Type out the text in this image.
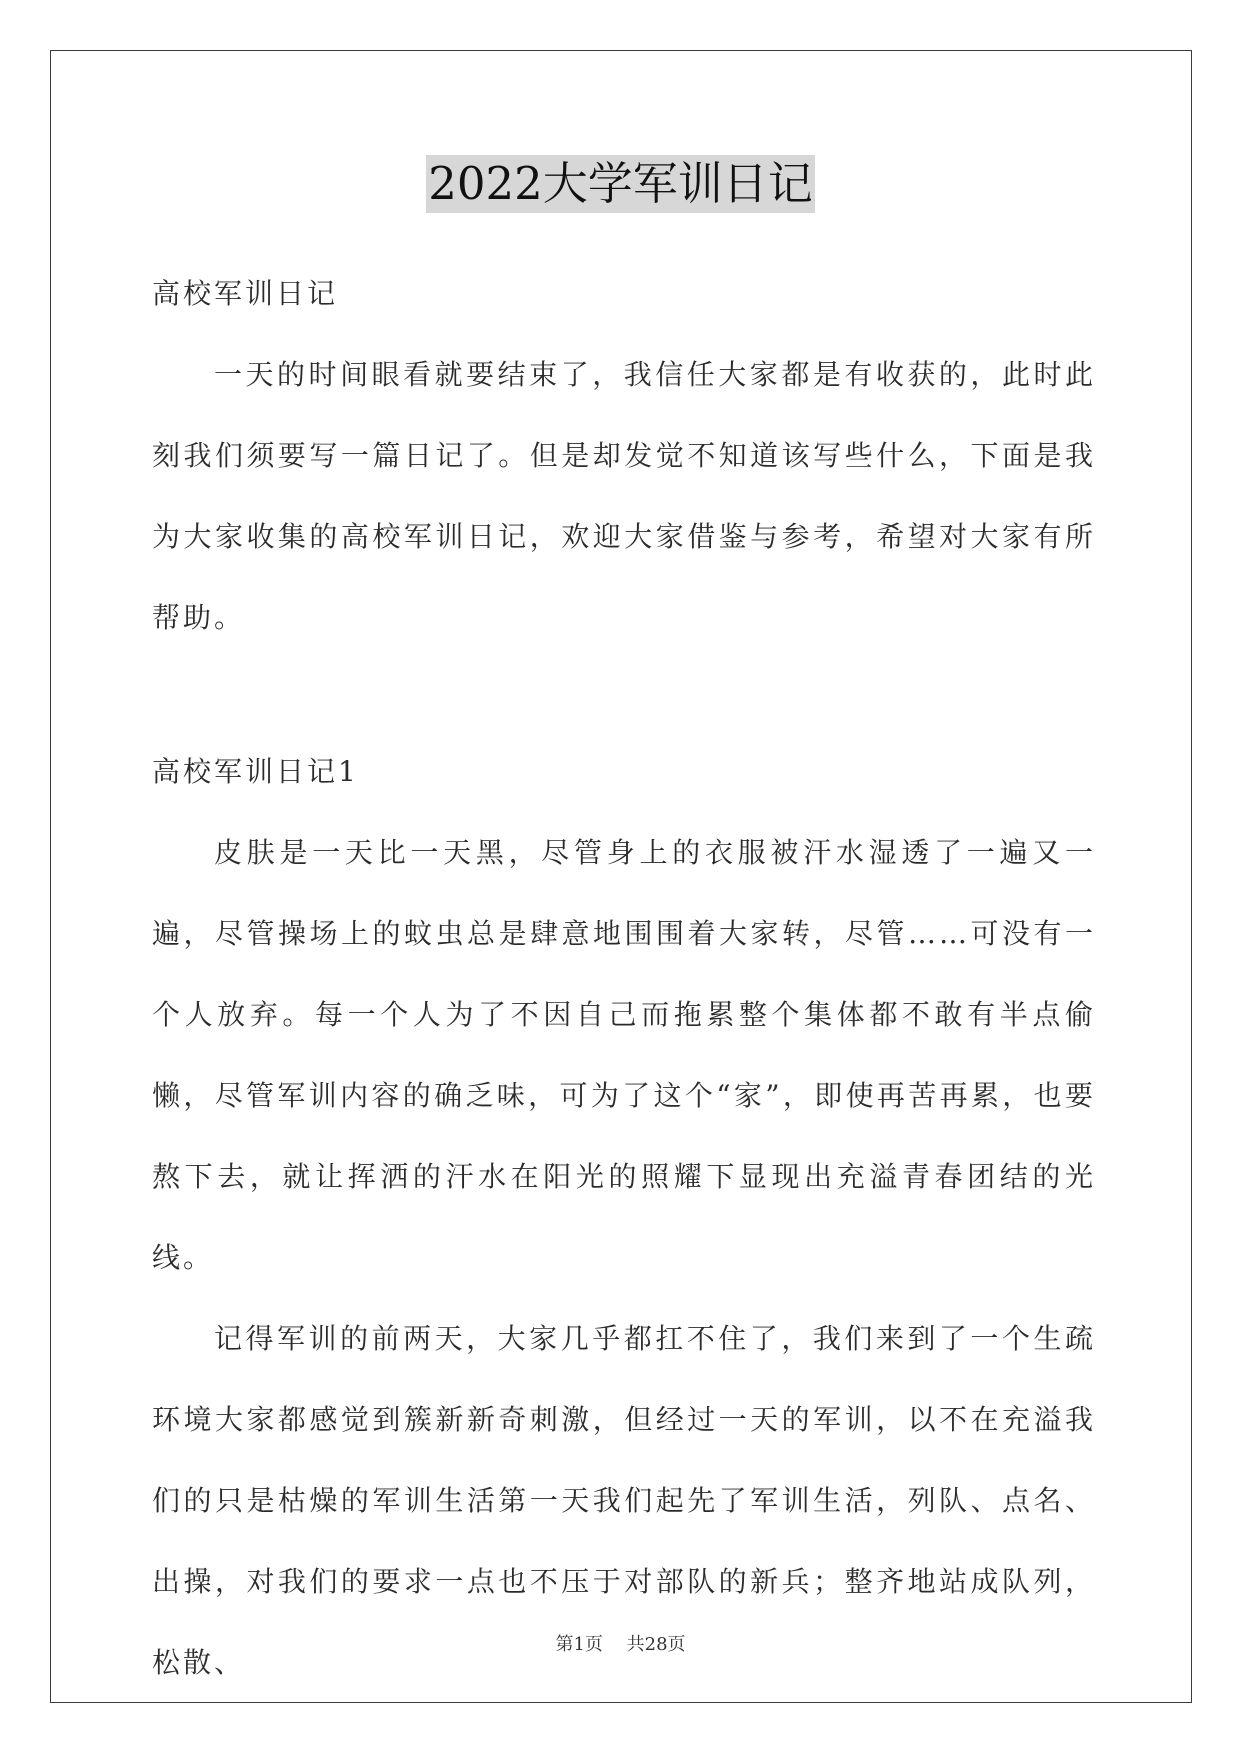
2022大学军训日记

高校军训日记

一天的时间眼看就要结束了，我信任大家都是有收获的，此时此刻我们须要写一篇日记了。但是却发觉不知道该写些什么，下面是我为大家收集的高校军训日记，欢迎大家借鉴与参考，希望对大家有所帮助。

高校军训日记1

皮肤是一天比一天黑，尽管身上的衣服被汗水湿透了一遍又一遍，尽管操场上的蚊虫总是肆意地围围着大家转，尽管……可没有一个人放弃。每一个人为了不因自己而拖累整个集体都不敢有半点偷懒，尽管军训内容的确乏味，可为了这个“家”，即使再苦再累，也要熬下去，就让挥洒的汗水在阳光的照耀下显现出充溢青春团结的光线。

记得军训的前两天，大家几乎都扛不住了，我们来到了一个生疏环境大家都感觉到簇新新奇刺激，但经过一天的军训，以不在充溢我们的只是枯燥的军训生活第一天我们起先了军训生活，列队、点名、出操，对我们的要求一点也不压于对部队的新兵；整齐地站成队列，松散、

第1页 共28页
